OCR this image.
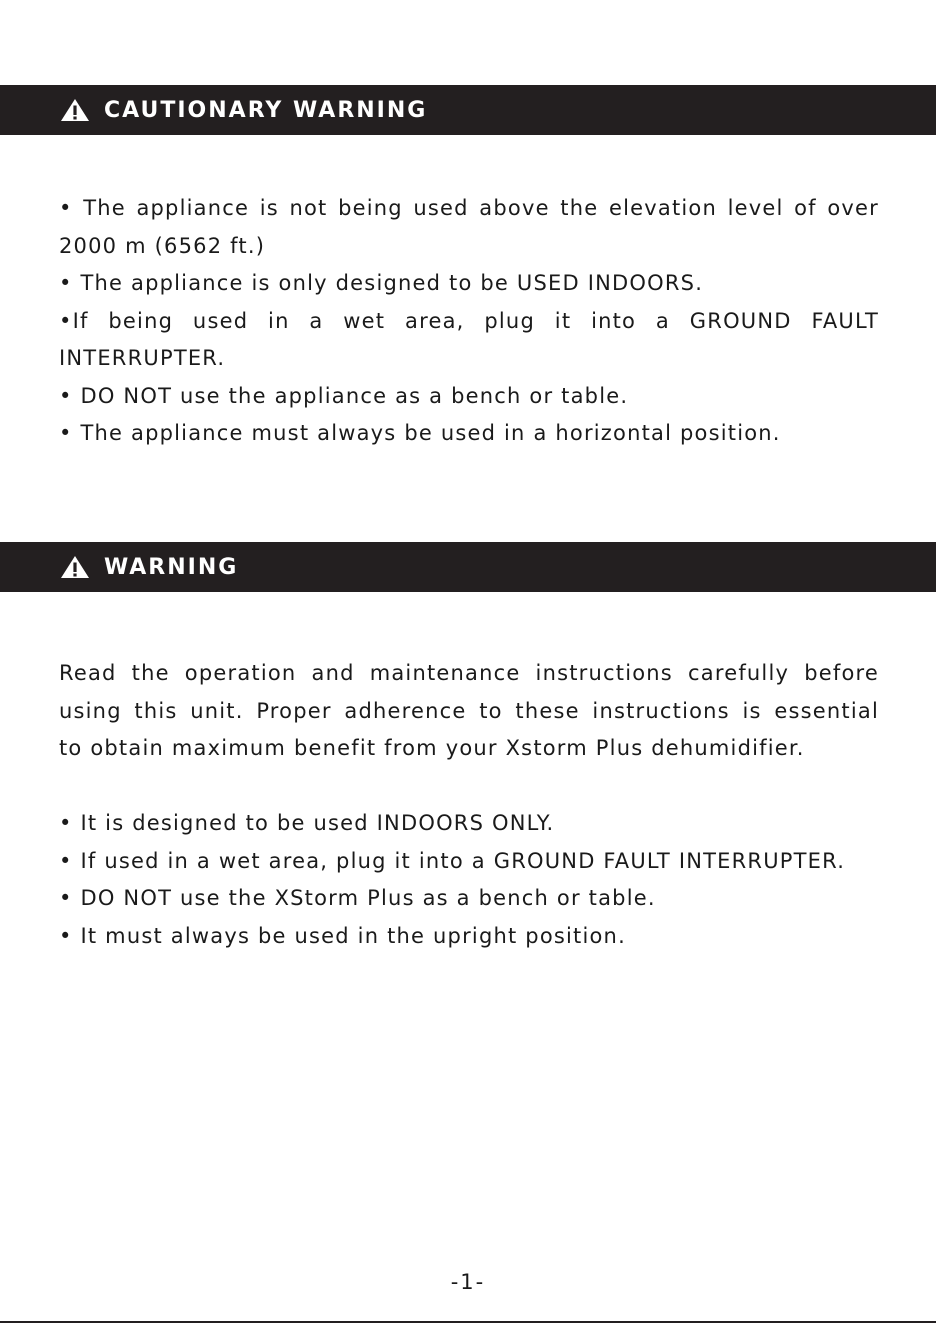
CAUTIONARY WARNING
• The appliance is not being used above the elevation level of over
2000 m (6562 ft.)
• The appliance is only designed to be USED INDOORS.
•If being used in a wet area, plug it into a GROUND FAULT
INTERRUPTER.
• DO NOT use the appliance as a bench or table.
• The appliance must always be used in a horizontal position.
WARNING
Read the operation and maintenance instructions carefully before
using this unit. Proper adherence to these instructions is essential
to obtain maximum benefit from your Xstorm Plus dehumidifier.
• It is designed to be used INDOORS ONLY.
• If used in a wet area, plug it into a GROUND FAULT INTERRUPTER.
• DO NOT use the XStorm Plus as a bench or table.
• It must always be used in the upright position.
-1-
